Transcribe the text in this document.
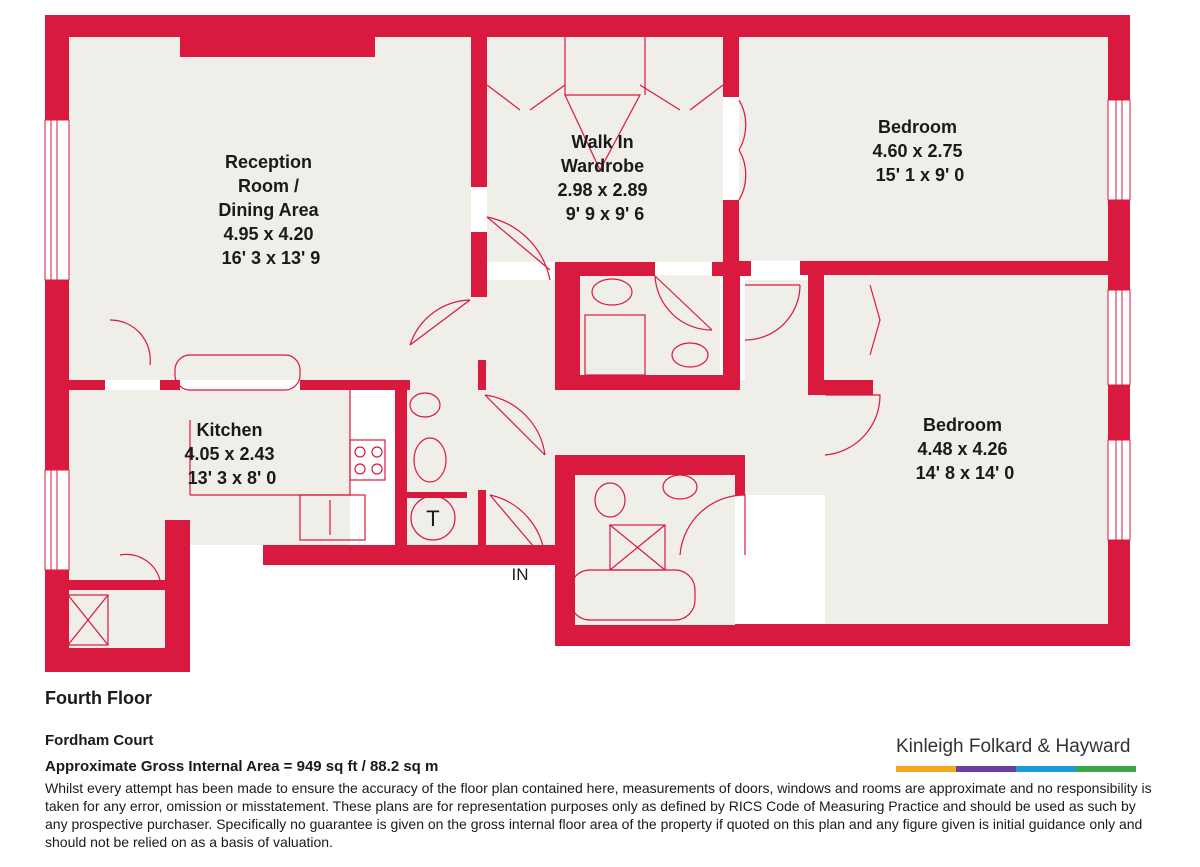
Reception Room / Dining Area 4.95 x 4.20 16' 3 x 13' 9
Walk In Wardrobe 2.98 x 2.89 9' 9 x 9' 6
Bedroom 4.60 x 2.75 15' 1 x 9' 0
Kitchen 4.05 x 2.43 13' 3 x 8' 0
Bedroom 4.48 x 4.26 14' 8 x 14' 0
IN
T
Fourth Floor
Fordham Court
Approximate Gross Internal Area = 949 sq ft / 88.2 sq m

Whilst every attempt has been made to ensure the accuracy of the floor plan contained here, measurements of doors, windows and rooms are approximate and no responsibility is taken for any error, omission or misstatement. These plans are for representation purposes only as defined by RICS Code of Measuring Practice and should be used as such by any prospective purchaser. Specifically no guarantee is given on the gross internal floor area of the property if quoted on this plan and any figure given is initial guidance only and should not be relied on as a basis of valuation.

Kinleigh Folkard & Hayward
